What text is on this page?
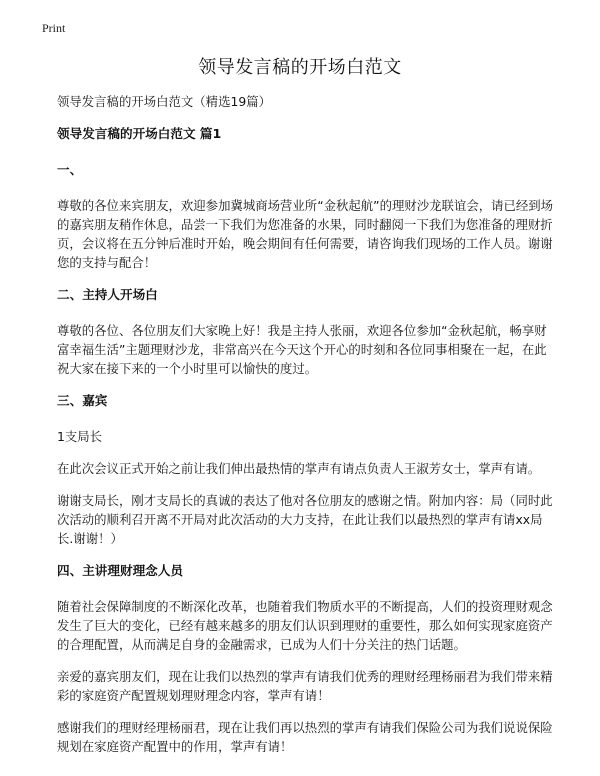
Print
领导发言稿的开场白范文

领导发言稿的开场白范文（精选19篇）

领导发言稿的开场白范文 篇1

一、

尊敬的各位来宾朋友，欢迎参加冀城商场营业所“金秋起航”的理财沙龙联谊会，请已经到场的嘉宾朋友稍作休息，品尝一下我们为您准备的水果，同时翻阅一下我们为您准备的理财折页，会议将在五分钟后准时开始，晚会期间有任何需要，请咨询我们现场的工作人员。谢谢您的支持与配合！

二、主持人开场白

尊敬的各位、各位朋友们大家晚上好！我是主持人张丽，欢迎各位参加“金秋起航，畅享财富幸福生活”主题理财沙龙，非常高兴在今天这个开心的时刻和各位同事相聚在一起，在此祝大家在接下来的一个小时里可以愉快的度过。

三、嘉宾

1支局长

在此次会议正式开始之前让我们伸出最热情的掌声有请点负责人王淑芳女士，掌声有请。

谢谢支局长，刚才支局长的真诚的表达了他对各位朋友的感谢之情。附加内容：局（同时此次活动的顺利召开离不开局对此次活动的大力支持，在此让我们以最热烈的掌声有请xx局长.谢谢！）

四、主讲理财理念人员

随着社会保障制度的不断深化改革，也随着我们物质水平的不断提高，人们的投资理财观念发生了巨大的变化，已经有越来越多的朋友们认识到理财的重要性，那么如何实现家庭资产的合理配置，从而满足自身的金融需求，已成为人们十分关注的热门话题。

亲爱的嘉宾朋友们，现在让我们以热烈的掌声有请我们优秀的理财经理杨丽君为我们带来精彩的家庭资产配置规划理财理念内容，掌声有请！

感谢我们的理财经理杨丽君，现在让我们再以热烈的掌声有请我们保险公司为我们说说保险规划在家庭资产配置中的作用，掌声有请！
